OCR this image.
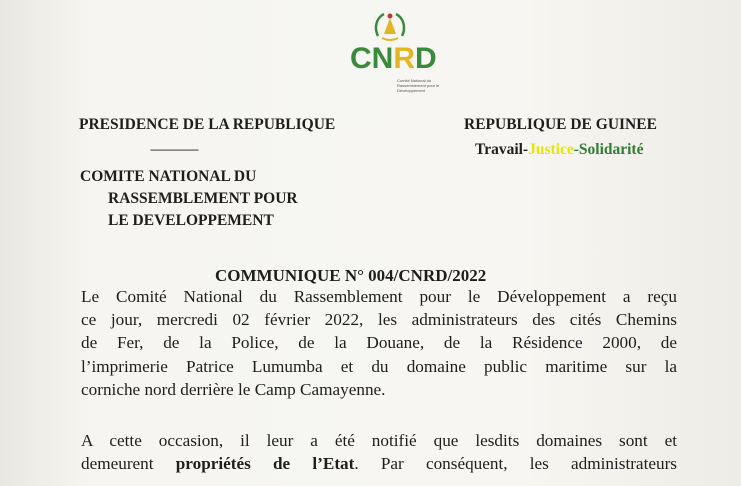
CNRD
Comité National du Rassemblement pour le Développement
PRESIDENCE DE LA REPUBLIQUE
----------------
COMITE NATIONAL DU
RASSEMBLEMENT POUR
LE DEVELOPPEMENT
REPUBLIQUE DE GUINEE
Travail-Justice-Solidarité
COMMUNIQUE N° 004/CNRD/2022
Le Comité National du Rassemblement pour le Développement a reçu
ce jour, mercredi 02 février 2022, les administrateurs des cités Chemins
de Fer, de la Police, de la Douane, de la Résidence 2000, de
l’imprimerie Patrice Lumumba et du domaine public maritime sur la
corniche nord derrière le Camp Camayenne.
A cette occasion, il leur a été notifié que lesdits domaines sont et
demeurent propriétés de l’Etat. Par conséquent, les administrateurs
